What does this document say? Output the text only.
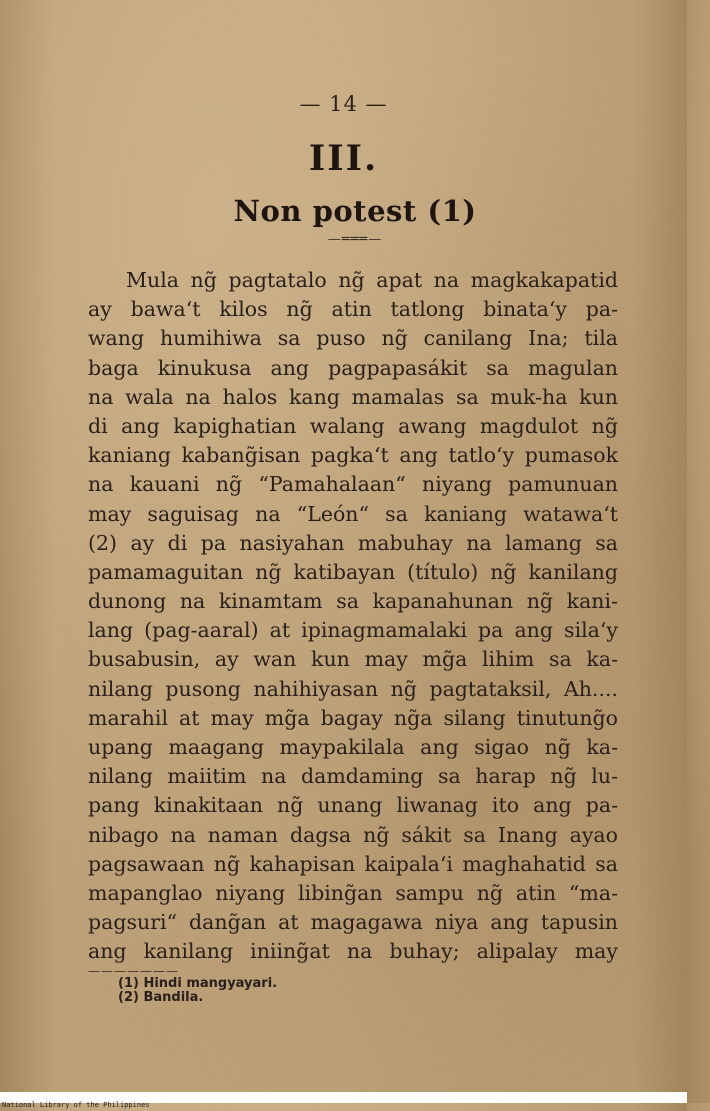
— 14 —
III.
Non potest (1)
—═══—
Mula ng̃ pagtatalo ng̃ apat na magkakapatid
ay bawa‘t kilos ng̃ atin tatlong binata‘y pa-
wang humihiwa sa puso ng̃ canilang Ina; tila
baga kinukusa ang pagpapasákit sa magulan
na wala na halos kang mamalas sa muk-ha kun
di ang kapighatian walang awang magdulot ng̃
kaniang kabang̃isan pagka‘t ang tatlo‘y pumasok
na kauani ng̃ “Pamahalaan“ niyang pamunuan
may saguisag na “León“ sa kaniang watawa‘t
(2) ay di pa nasiyahan mabuhay na lamang sa
pamamaguitan ng̃ katibayan (título) ng̃ kanilang
dunong na kinamtam sa kapanahunan ng̃ kani-
lang (pag-aaral) at ipinagmamalaki pa ang sila‘y
busabusin, ay wan kun may mg̃a lihim sa ka-
nilang pusong nahihiyasan ng̃ pagtataksil, Ah....
marahil at may mg̃a bagay ng̃a silang tinutung̃o
upang maagang maypakilala ang sigao ng̃ ka-
nilang maiitim na damdaming sa harap ng̃ lu-
pang kinakitaan ng̃ unang liwanag ito ang pa-
nibago na naman dagsa ng̃ sákit sa Inang ayao
pagsawaan ng̃ kahapisan kaipala‘i maghahatid sa
mapanglao niyang libing̃an sampu ng̃ atin “ma-
pagsuri“ dang̃an at magagawa niya ang tapusin
ang kanilang iniing̃at na buhay; alipalay may
———————
(1) Hindi mangyayari.
(2) Bandila.
National Library of the Philippines
